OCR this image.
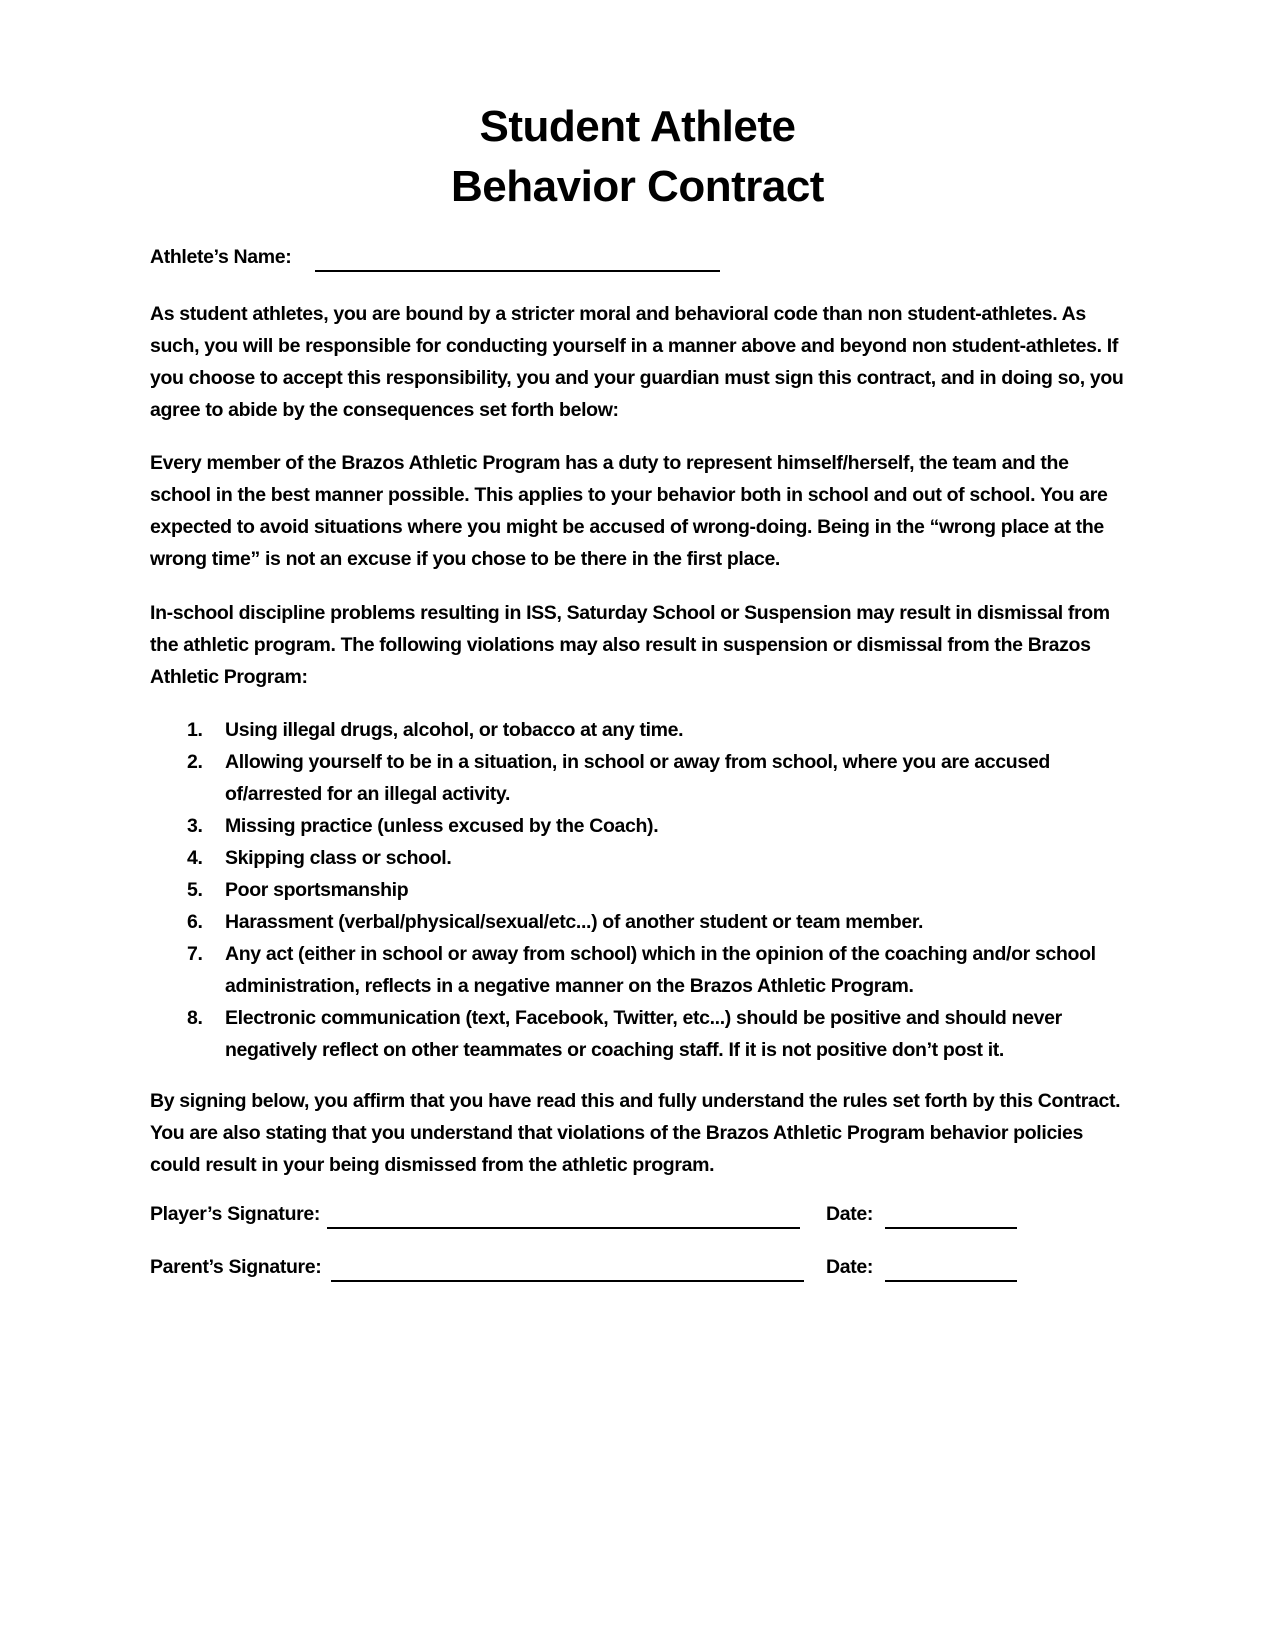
Student Athlete
Behavior Contract
Athlete’s Name:

As student athletes, you are bound by a stricter moral and behavioral code than non student-athletes. As such, you will be responsible for conducting yourself in a manner above and beyond non student-athletes. If you choose to accept this responsibility, you and your guardian must sign this contract, and in doing so, you agree to abide by the consequences set forth below:

Every member of the Brazos Athletic Program has a duty to represent himself/herself, the team and the school in the best manner possible. This applies to your behavior both in school and out of school. You are expected to avoid situations where you might be accused of wrong-doing. Being in the “wrong place at the wrong time” is not an excuse if you chose to be there in the first place.

In-school discipline problems resulting in ISS, Saturday School or Suspension may result in dismissal from the athletic program. The following violations may also result in suspension or dismissal from the Brazos Athletic Program:

1. Using illegal drugs, alcohol, or tobacco at any time.
2. Allowing yourself to be in a situation, in school or away from school, where you are accused of/arrested for an illegal activity.
3. Missing practice (unless excused by the Coach).
4. Skipping class or school.
5. Poor sportsmanship
6. Harassment (verbal/physical/sexual/etc...) of another student or team member.
7. Any act (either in school or away from school) which in the opinion of the coaching and/or school administration, reflects in a negative manner on the Brazos Athletic Program.
8. Electronic communication (text, Facebook, Twitter, etc...) should be positive and should never negatively reflect on other teammates or coaching staff. If it is not positive don’t post it.

By signing below, you affirm that you have read this and fully understand the rules set forth by this Contract. You are also stating that you understand that violations of the Brazos Athletic Program behavior policies could result in your being dismissed from the athletic program.

Player’s Signature:	Date:
Parent’s Signature:	Date:
